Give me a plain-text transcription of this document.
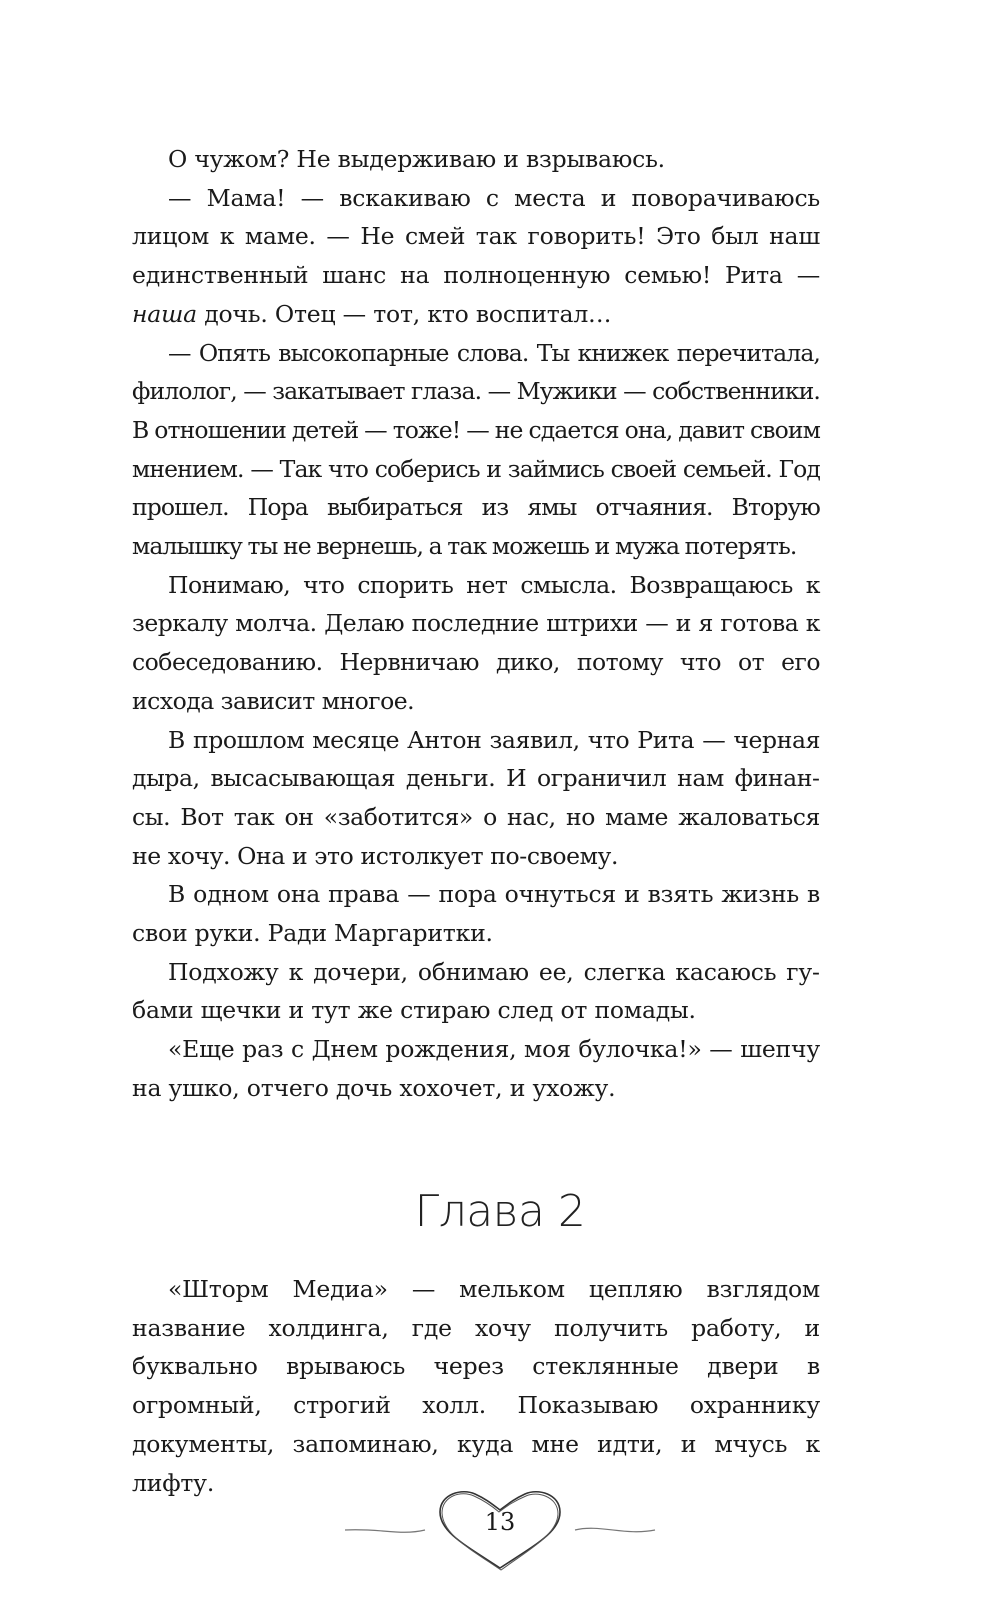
О чужом? Не выдерживаю и взрываюсь.

— Мама! — вскакиваю с места и поворачиваюсь лицом к маме. — Не смей так говорить! Это был наш единственный шанс на полноценную семью! Рита — наша дочь. Отец — тот, кто воспитал…

— Опять высокопарные слова. Ты книжек перечитала, филолог, — закатывает глаза. — Мужики — собственники. В отношении детей — тоже! — не сдается она, давит своим мнением. — Так что соберись и займись своей семьей. Год прошел. Пора выбираться из ямы отчаяния. Вторую малышку ты не вернешь, а так можешь и мужа потерять.

Понимаю, что спорить нет смысла. Возвращаюсь к зеркалу молча. Делаю последние штрихи — и я готова к собеседованию. Нервничаю дико, потому что от его исхода зависит многое.

В прошлом месяце Антон заявил, что Рита — черная дыра, высасывающая деньги. И ограничил нам финансы. Вот так он «заботится» о нас, но маме жаловаться не хочу. Она и это истолкует по-своему.

В одном она права — пора очнуться и взять жизнь в свои руки. Ради Маргаритки.

Подхожу к дочери, обнимаю ее, слегка касаюсь губами щечки и тут же стираю след от помады.

«Еще раз с Днем рождения, моя булочка!» — шепчу на ушко, отчего дочь хохочет, и ухожу.

Глава 2

«Шторм Медиа» — мельком цепляю взглядом название холдинга, где хочу получить работу, и буквально врываюсь через стеклянные двери в огромный, строгий холл. Показываю охраннику документы, запоминаю, куда мне идти, и мчусь к лифту.

13
